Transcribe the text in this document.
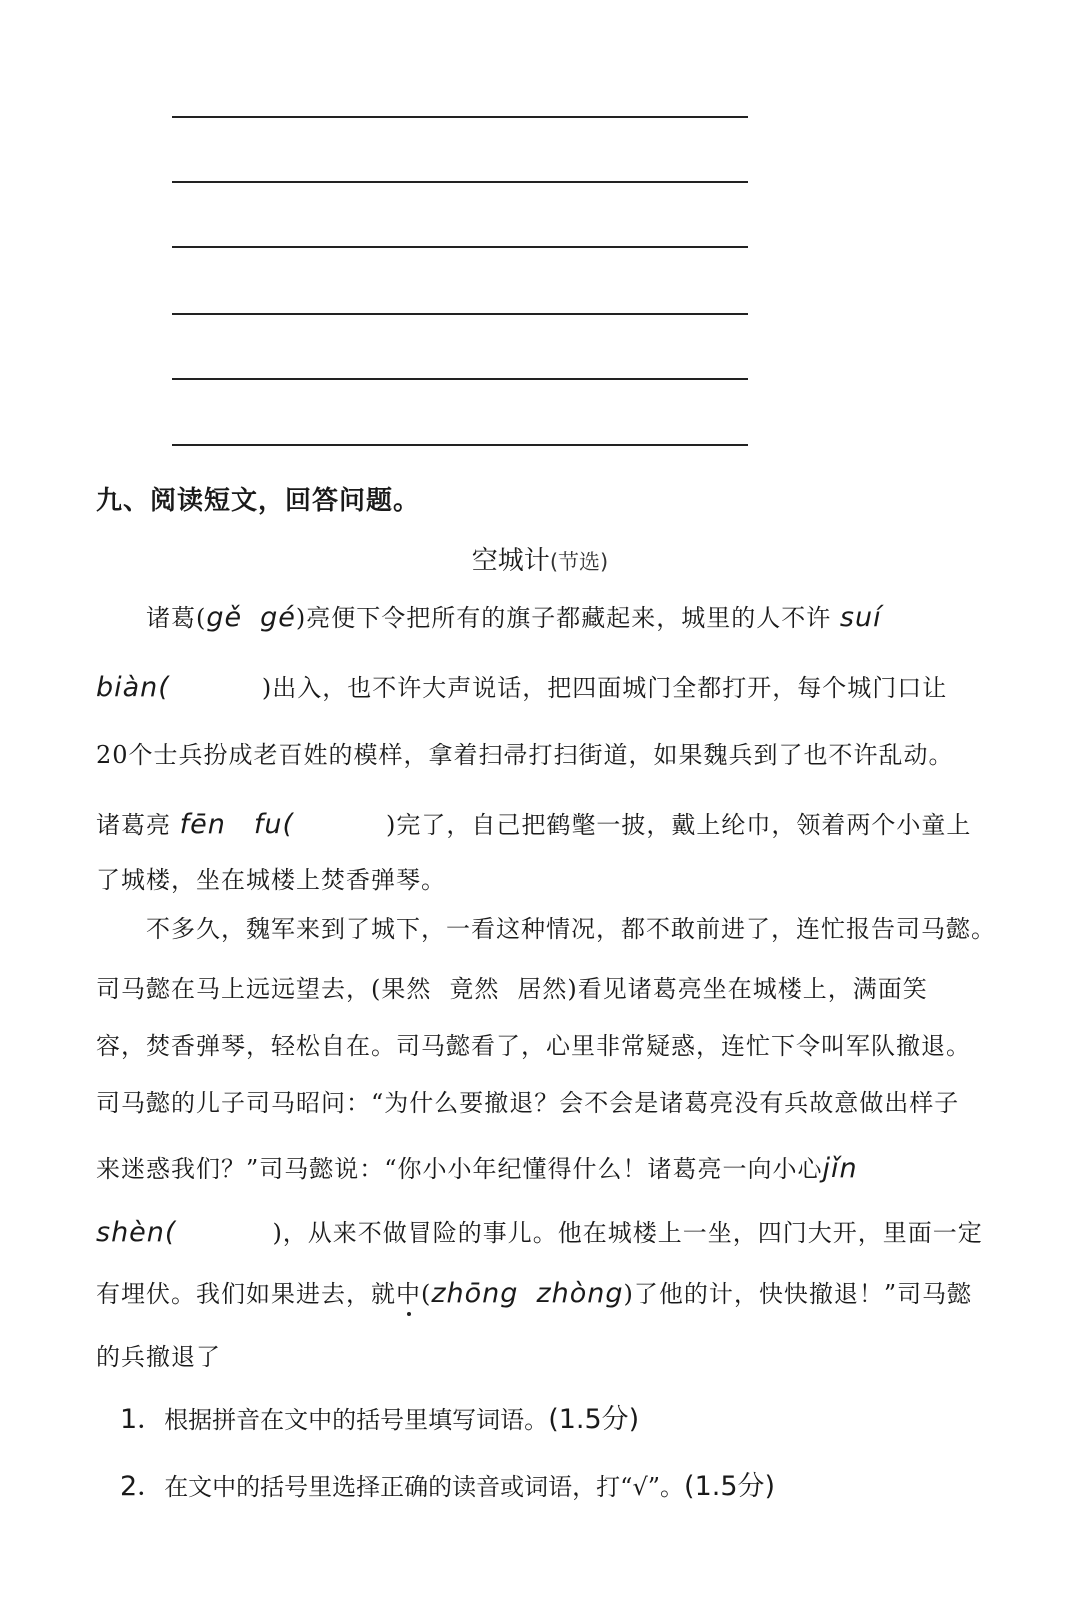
九、阅读短文，回答问题。
空城计(节选)
诸葛(gě gé)亮便下令把所有的旗子都藏起来，城里的人不许 suí
biàn(	)出入，也不许大声说话，把四面城门全都打开，每个城门口让
20个士兵扮成老百姓的模样，拿着扫帚打扫街道，如果魏兵到了也不许乱动。
诸葛亮 fēn　fu(	)完了，自己把鹤氅一披，戴上纶巾，领着两个小童上
了城楼，坐在城楼上焚香弹琴。
不多久，魏军来到了城下，一看这种情况，都不敢前进了，连忙报告司马懿。
司马懿在马上远远望去，(果然 竟然 居然)看见诸葛亮坐在城楼上，满面笑
容，焚香弹琴，轻松自在。司马懿看了，心里非常疑惑，连忙下令叫军队撤退。
司马懿的儿子司马昭问：“为什么要撤退？会不会是诸葛亮没有兵故意做出样子
来迷惑我们？”司马懿说：“你小小年纪懂得什么！诸葛亮一向小心jǐn
shèn(	)，从来不做冒险的事儿。他在城楼上一坐，四门大开，里面一定
有埋伏。我们如果进去，就中(zhōng zhòng)了他的计，快快撤退！”司马懿
的兵撤退了
1．根据拼音在文中的括号里填写词语。(1.5分)
2．在文中的括号里选择正确的读音或词语，打“√”。(1.5分)
